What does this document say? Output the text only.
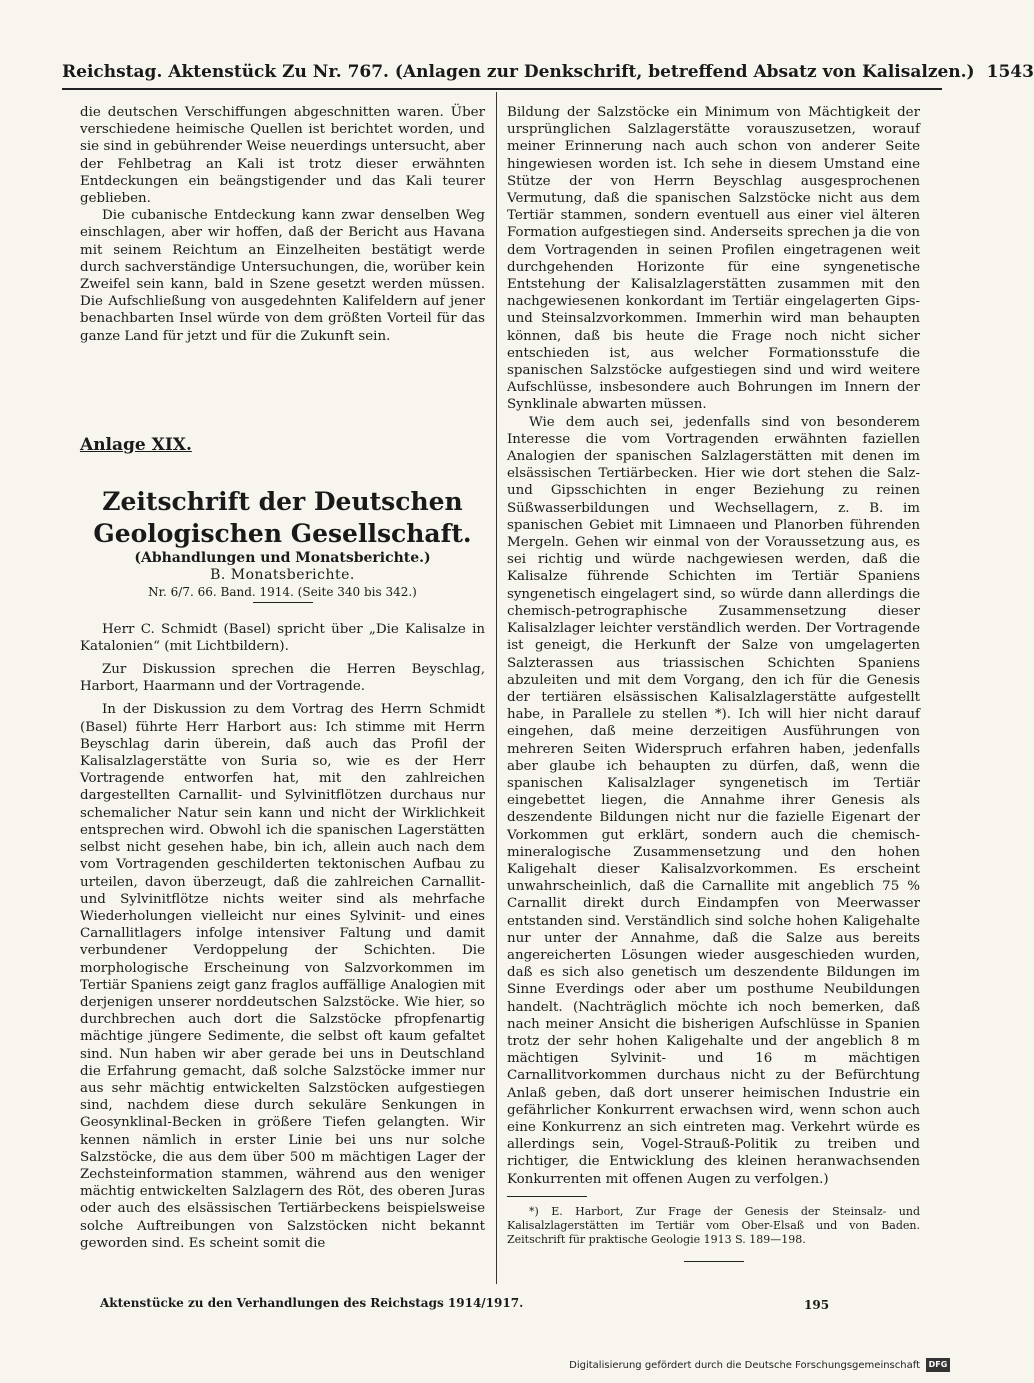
Reichstag. Aktenstück Zu Nr. 767. (Anlagen zur Denkschrift, betreffend Absatz von Kalisalzen.) 1543

die deutschen Verschiffungen abgeschnitten waren. Über verschiedene heimische Quellen ist berichtet worden, und sie sind in gebührender Weise neuerdings untersucht, aber der Fehlbetrag an Kali ist trotz dieser erwähnten Entdeckungen ein beängstigender und das Kali teurer geblieben.

Die cubanische Entdeckung kann zwar denselben Weg einschlagen, aber wir hoffen, daß der Bericht aus Havana mit seinem Reichtum an Einzelheiten bestätigt werde durch sachverständige Untersuchungen, die, worüber kein Zweifel sein kann, bald in Szene gesetzt werden müssen. Die Aufschließung von ausgedehnten Kalifeldern auf jener benachbarten Insel würde von dem größten Vorteil für das ganze Land für jetzt und für die Zukunft sein.

Anlage XIX.

Zeitschrift der Deutschen Geologischen Gesellschaft.

(Abhandlungen und Monatsberichte.)

B. Monatsberichte.

Nr. 6/7. 66. Band. 1914. (Seite 340 bis 342.)

Herr C. Schmidt (Basel) spricht über „Die Kalisalze in Katalonien“ (mit Lichtbildern).

Zur Diskussion sprechen die Herren Beyschlag, Harbort, Haarmann und der Vortragende.

In der Diskussion zu dem Vortrag des Herrn Schmidt (Basel) führte Herr Harbort aus: Ich stimme mit Herrn Beyschlag darin überein, daß auch das Profil der Kalisalzlagerstätte von Suria so, wie es der Herr Vortragende entworfen hat, mit den zahlreichen dargestellten Carnallit- und Sylvinitflötzen durchaus nur schemalicher Natur sein kann und nicht der Wirklichkeit entsprechen wird. Obwohl ich die spanischen Lagerstätten selbst nicht gesehen habe, bin ich, allein auch nach dem vom Vortragenden geschilderten tektonischen Aufbau zu urteilen, davon überzeugt, daß die zahlreichen Carnallit- und Sylvinitflötze nichts weiter sind als mehrfache Wiederholungen vielleicht nur eines Sylvinit- und eines Carnallitlagers infolge intensiver Faltung und damit verbundener Verdoppelung der Schichten. Die morphologische Erscheinung von Salzvorkommen im Tertiär Spaniens zeigt ganz fraglos auffällige Analogien mit derjenigen unserer norddeutschen Salzstöcke. Wie hier, so durchbrechen auch dort die Salzstöcke pfropfenartig mächtige jüngere Sedimente, die selbst oft kaum gefaltet sind. Nun haben wir aber gerade bei uns in Deutschland die Erfahrung gemacht, daß solche Salzstöcke immer nur aus sehr mächtig entwickelten Salzstöcken aufgestiegen sind, nachdem diese durch sekuläre Senkungen in Geosynklinal-Becken in größere Tiefen gelangten. Wir kennen nämlich in erster Linie bei uns nur solche Salzstöcke, die aus dem über 500 m mächtigen Lager der Zechsteinformation stammen, während aus den weniger mächtig entwickelten Salzlagern des Röt, des oberen Juras oder auch des elsässischen Tertiärbeckens beispielsweise solche Auftreibungen von Salzstöcken nicht bekannt geworden sind. Es scheint somit die

Bildung der Salzstöcke ein Minimum von Mächtigkeit der ursprünglichen Salzlagerstätte vorauszusetzen, worauf meiner Erinnerung nach auch schon von anderer Seite hingewiesen worden ist. Ich sehe in diesem Umstand eine Stütze der von Herrn Beyschlag ausgesprochenen Vermutung, daß die spanischen Salzstöcke nicht aus dem Tertiär stammen, sondern eventuell aus einer viel älteren Formation aufgestiegen sind. Anderseits sprechen ja die von dem Vortragenden in seinen Profilen eingetragenen weit durchgehenden Horizonte für eine syngenetische Entstehung der Kalisalzlagerstätten zusammen mit den nachgewiesenen konkordant im Tertiär eingelagerten Gips- und Steinsalzvorkommen. Immerhin wird man behaupten können, daß bis heute die Frage noch nicht sicher entschieden ist, aus welcher Formationsstufe die spanischen Salzstöcke aufgestiegen sind und wird weitere Aufschlüsse, insbesondere auch Bohrungen im Innern der Synklinale abwarten müssen.

Wie dem auch sei, jedenfalls sind von besonderem Interesse die vom Vortragenden erwähnten faziellen Analogien der spanischen Salzlagerstätten mit denen im elsässischen Tertiärbecken. Hier wie dort stehen die Salz- und Gipsschichten in enger Beziehung zu reinen Süßwasserbildungen und Wechsellagern, z. B. im spanischen Gebiet mit Limnaeen und Planorben führenden Mergeln. Gehen wir einmal von der Voraussetzung aus, es sei richtig und würde nachgewiesen werden, daß die Kalisalze führende Schichten im Tertiär Spaniens syngenetisch eingelagert sind, so würde dann allerdings die chemisch-petrographische Zusammensetzung dieser Kalisalzlager leichter verständlich werden. Der Vortragende ist geneigt, die Herkunft der Salze von umgelagerten Salzterassen aus triassischen Schichten Spaniens abzuleiten und mit dem Vorgang, den ich für die Genesis der tertiären elsässischen Kalisalzlagerstätte aufgestellt habe, in Parallele zu stellen *). Ich will hier nicht darauf eingehen, daß meine derzeitigen Ausführungen von mehreren Seiten Widerspruch erfahren haben, jedenfalls aber glaube ich behaupten zu dürfen, daß, wenn die spanischen Kalisalzlager syngenetisch im Tertiär eingebettet liegen, die Annahme ihrer Genesis als deszendente Bildungen nicht nur die fazielle Eigenart der Vorkommen gut erklärt, sondern auch die chemisch-mineralogische Zusammensetzung und den hohen Kaligehalt dieser Kalisalzvorkommen. Es erscheint unwahrscheinlich, daß die Carnallite mit angeblich 75 % Carnallit direkt durch Eindampfen von Meerwasser entstanden sind. Verständlich sind solche hohen Kaligehalte nur unter der Annahme, daß die Salze aus bereits angereicherten Lösungen wieder ausgeschieden wurden, daß es sich also genetisch um deszendente Bildungen im Sinne Everdings oder aber um posthume Neubildungen handelt. (Nachträglich möchte ich noch bemerken, daß nach meiner Ansicht die bisherigen Aufschlüsse in Spanien trotz der sehr hohen Kaligehalte und der angeblich 8 m mächtigen Sylvinit- und 16 m mächtigen Carnallitvorkommen durchaus nicht zu der Befürchtung Anlaß geben, daß dort unserer heimischen Industrie ein gefährlicher Konkurrent erwachsen wird, wenn schon auch eine Konkurrenz an sich eintreten mag. Verkehrt würde es allerdings sein, Vogel-Strauß-Politik zu treiben und richtiger, die Entwicklung des kleinen heranwachsenden Konkurrenten mit offenen Augen zu verfolgen.)

*) E. Harbort, Zur Frage der Genesis der Steinsalz- und Kalisalzlagerstätten im Tertiär vom Ober-Elsaß und von Baden. Zeitschrift für praktische Geologie 1913 S. 189—198.

Aktenstücke zu den Verhandlungen des Reichstags 1914/1917.	195
Digitalisierung gefördert durch die Deutsche Forschungsgemeinschaft	DFG
